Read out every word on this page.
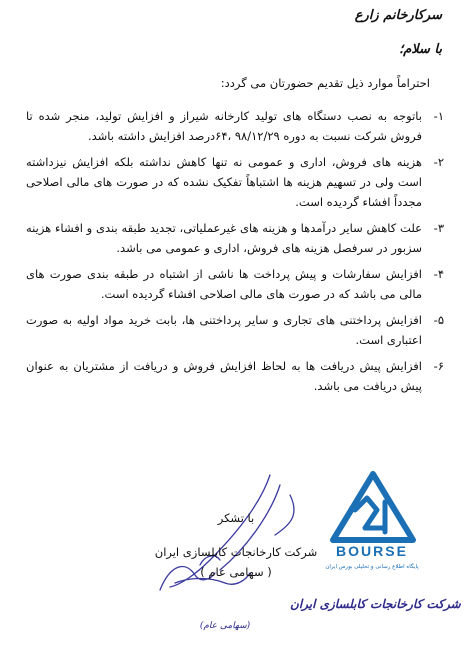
سرکارخانم زارع
با سلام؛
احتراماً موارد ذیل تقدیم حضورتان می گردد:
۱-
باتوجه به نصب دستگاه های تولید کارخانه شیراز و افزایش تولید، منجر شده تا فروش شرکت نسبت به دوره ۹۸/۱۲/۲۹ ،۶۴درصد افزایش داشته باشد.
۲-
هزینه های فروش، اداری و عمومی نه تنها کاهش نداشته بلکه افزایش نیزداشته است ولی در تسهیم هزینه ها اشتباهاً تفکیک نشده که در صورت های مالی اصلاحی مجدداً افشاء گردیده است.
۳-
علت کاهش سایر درآمدها و هزینه های غیرعملیاتی، تجدید طبقه بندی و افشاء هزینه سزبور در سرفصل هزینه های فروش، اداری و عمومی می باشد.
۴-
افزایش سفارشات و پیش پرداخت ها ناشی از اشتباه در طبقه بندی صورت های مالی می باشد که در صورت های مالی اصلاحی افشاء گردیده است.
۵-
افزایش پرداختنی های تجاری و سایر پرداختنی ها، بابت خرید مواد اولیه به صورت اعتباری است.
۶-
افزایش پیش دریافت ها به لحاظ افزایش فروش و دریافت از مشتریان به عنوان پیش دریافت می باشد.
با تشکر
شرکت کارخانجات کابلسازی ایران
( سهامی عام )
شرکت کارخانجات کابلسازی ایران
(سهامی عام)
BOURSE
پایگاه اطلاع رسانی و تحلیلی بورس ایران
